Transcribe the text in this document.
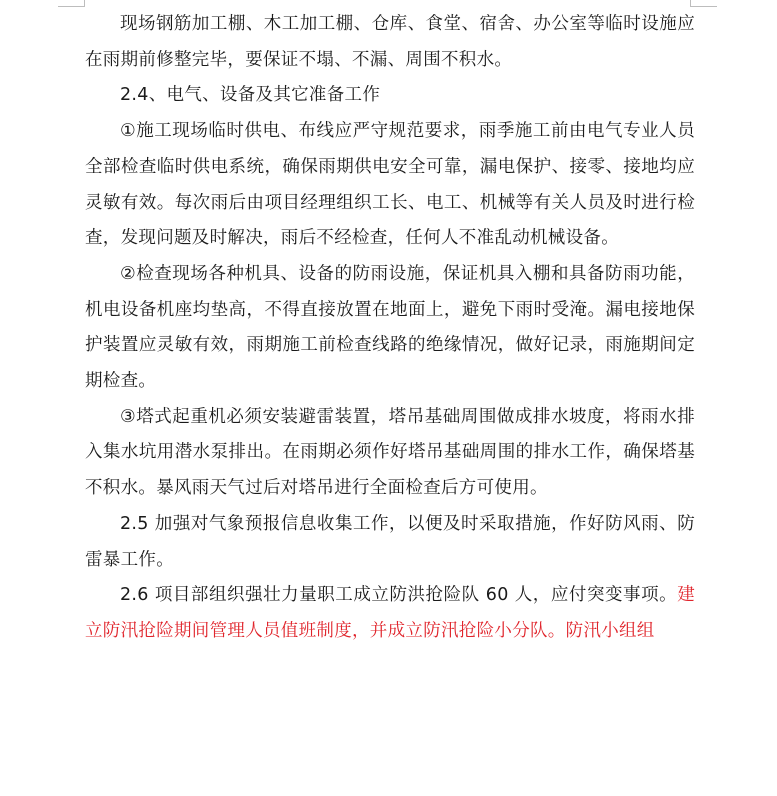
现场钢筋加工棚、木工加工棚、仓库、食堂、宿舍、办公室等临时设施应在雨期前修整完毕，要保证不塌、不漏、周围不积水。

2.4、电气、设备及其它准备工作

①施工现场临时供电、布线应严守规范要求，雨季施工前由电气专业人员全部检查临时供电系统，确保雨期供电安全可靠，漏电保护、接零、接地均应灵敏有效。每次雨后由项目经理组织工长、电工、机械等有关人员及时进行检查，发现问题及时解决，雨后不经检查，任何人不准乱动机械设备。

②检查现场各种机具、设备的防雨设施，保证机具入棚和具备防雨功能，机电设备机座均垫高，不得直接放置在地面上，避免下雨时受淹。漏电接地保护装置应灵敏有效，雨期施工前检查线路的绝缘情况，做好记录，雨施期间定期检查。

③塔式起重机必须安装避雷装置，塔吊基础周围做成排水坡度，将雨水排入集水坑用潜水泵排出。在雨期必须作好塔吊基础周围的排水工作，确保塔基不积水。暴风雨天气过后对塔吊进行全面检查后方可使用。

2.5 加强对气象预报信息收集工作，以便及时采取措施，作好防风雨、防雷暴工作。

2.6 项目部组织强壮力量职工成立防洪抢险队 60 人，应付突变事项。建立防汛抢险期间管理人员值班制度，并成立防汛抢险小分队。防汛小组组
